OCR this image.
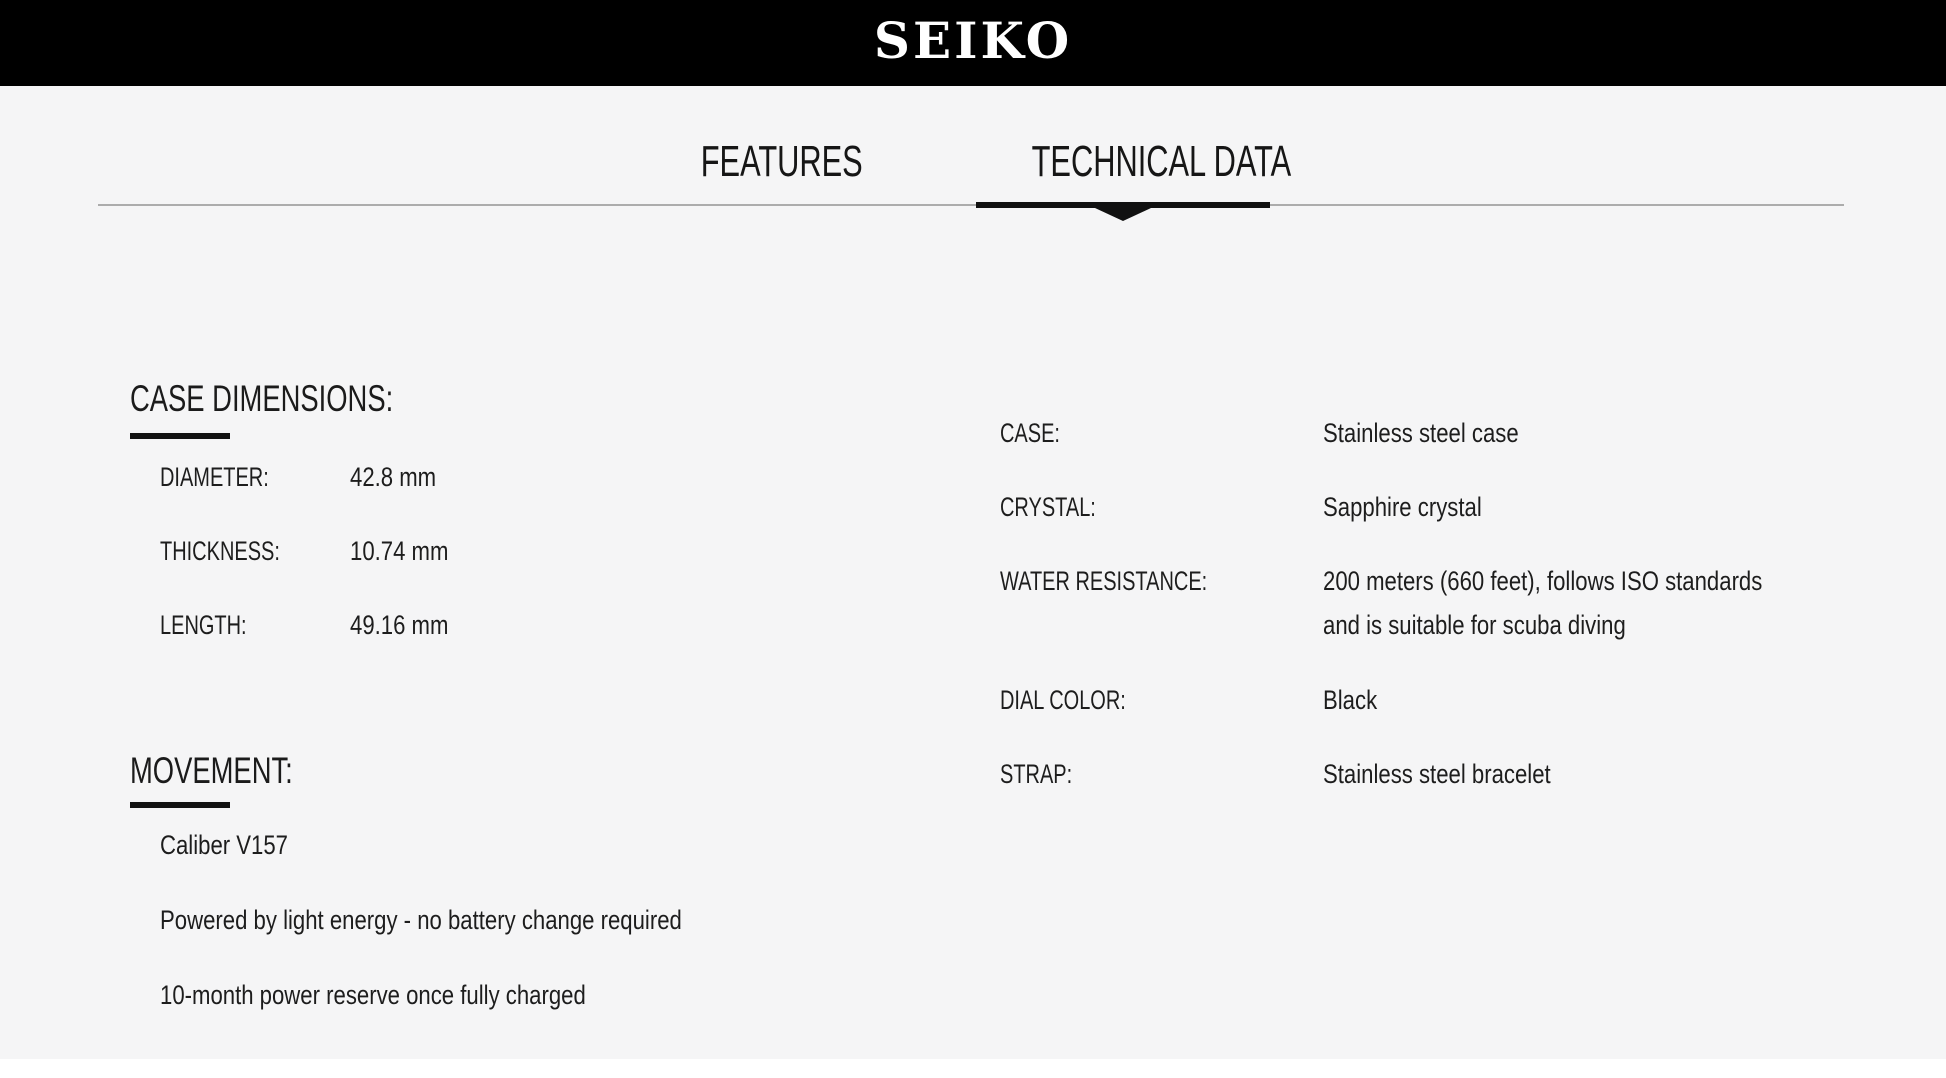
SEIKO
FEATURES	TECHNICAL DATA
CASE DIMENSIONS:
DIAMETER:	42.8 mm
THICKNESS:	10.74 mm
LENGTH:	49.16 mm
MOVEMENT:
Caliber V157
Powered by light energy - no battery change required
10-month power reserve once fully charged
CASE:	Stainless steel case
CRYSTAL:	Sapphire crystal
WATER RESISTANCE:	200 meters (660 feet), follows ISO standards
and is suitable for scuba diving
DIAL COLOR:	Black
STRAP:	Stainless steel bracelet
